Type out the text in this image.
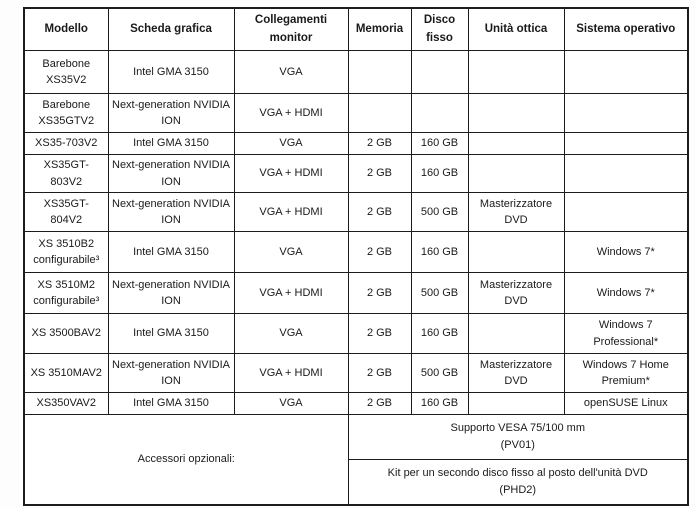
Modello	Scheda grafica	Collegamenti monitor	Memoria	Disco fisso	Unità ottica	Sistema operativo
Barebone XS35V2	Intel GMA 3150	VGA				
Barebone XS35GTV2	Next-generation NVIDIA ION	VGA + HDMI				
XS35-703V2	Intel GMA 3150	VGA	2 GB	160 GB		
XS35GT-803V2	Next-generation NVIDIA ION	VGA + HDMI	2 GB	160 GB		
XS35GT-804V2	Next-generation NVIDIA ION	VGA + HDMI	2 GB	500 GB	Masterizzatore DVD	
XS 3510B2 configurabile³	Intel GMA 3150	VGA	2 GB	160 GB		Windows 7*
XS 3510M2 configurabile³	Next-generation NVIDIA ION	VGA + HDMI	2 GB	500 GB	Masterizzatore DVD	Windows 7*
XS 3500BAV2	Intel GMA 3150	VGA	2 GB	160 GB		Windows 7 Professional*
XS 3510MAV2	Next-generation NVIDIA ION	VGA + HDMI	2 GB	500 GB	Masterizzatore DVD	Windows 7 Home Premium*
XS350VAV2	Intel GMA 3150	VGA	2 GB	160 GB		openSUSE Linux
Accessori opzionali:			Supporto VESA 75/100 mm
(PV01)			

			Kit per un secondo disco fisso al posto dell'unità DVD
(PHD2)			
